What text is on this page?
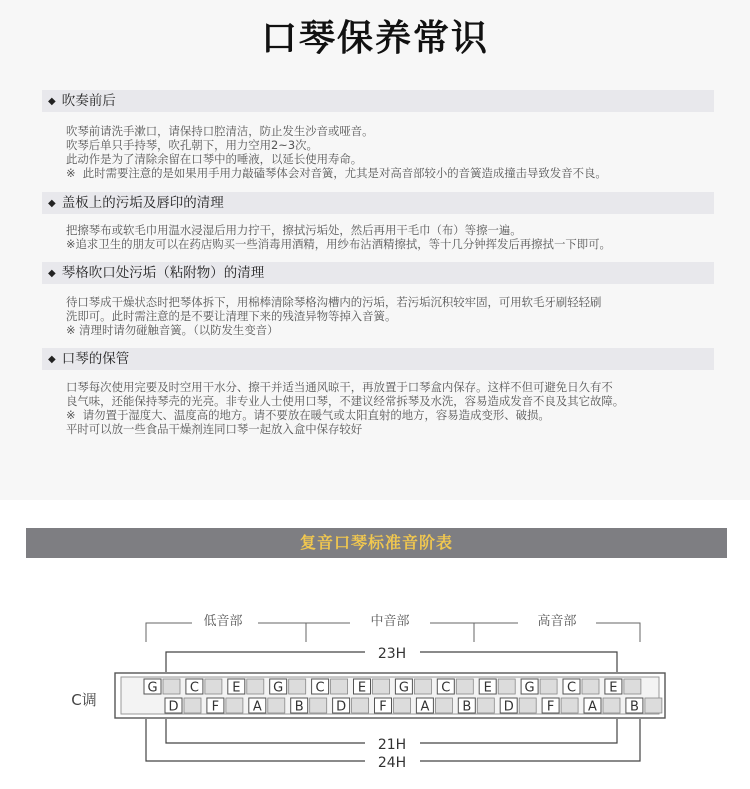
口琴保养常识
◆ 吹奏前后
吹琴前请洗手漱口，请保持口腔清洁，防止发生沙音或哑音。
吹琴后单只手持琴，吹孔朝下，用力空用2~3次。
此动作是为了清除余留在口琴中的唾液，以延长使用寿命。
※  此时需要注意的是如果用手用力敲磕琴体会对音簧，尤其是对高音部较小的音簧造成撞击导致发音不良。
◆ 盖板上的污垢及唇印的清理
把擦琴布或软毛巾用温水浸湿后用力拧干，擦拭污垢处，然后再用干毛巾（布）等擦一遍。
※追求卫生的朋友可以在药店购买一些消毒用酒精，用纱布沾酒精擦拭，等十几分钟挥发后再擦拭一下即可。
◆ 琴格吹口处污垢（粘附物）的清理
待口琴成干燥状态时把琴体拆下，用棉棒清除琴格沟槽内的污垢，若污垢沉积较牢固，可用软毛牙刷轻轻刷
洗即可。此时需注意的是不要让清理下来的残渣异物等掉入音簧。
※ 清理时请勿碰触音簧。（以防发生变音）
◆ 口琴的保管
口琴每次使用完要及时空用干水分、擦干并适当通风晾干，再放置于口琴盒内保存。这样不但可避免日久有不
良气味，还能保持琴壳的光亮。非专业人士使用口琴，不建议经常拆琴及水洗，容易造成发音不良及其它故障。
※  请勿置于湿度大、温度高的地方。请不要放在暖气或太阳直射的地方，容易造成变形、破损。
平时可以放一些食品干燥剂连同口琴一起放入盒中保存较好
复音口琴标准音阶表
低音部	中音部	高音部
23H
C调
G C	E	G C	E	G C	E	G C	E
D	F	A	B D	F	A	B D	F	A	B
21H
24H
